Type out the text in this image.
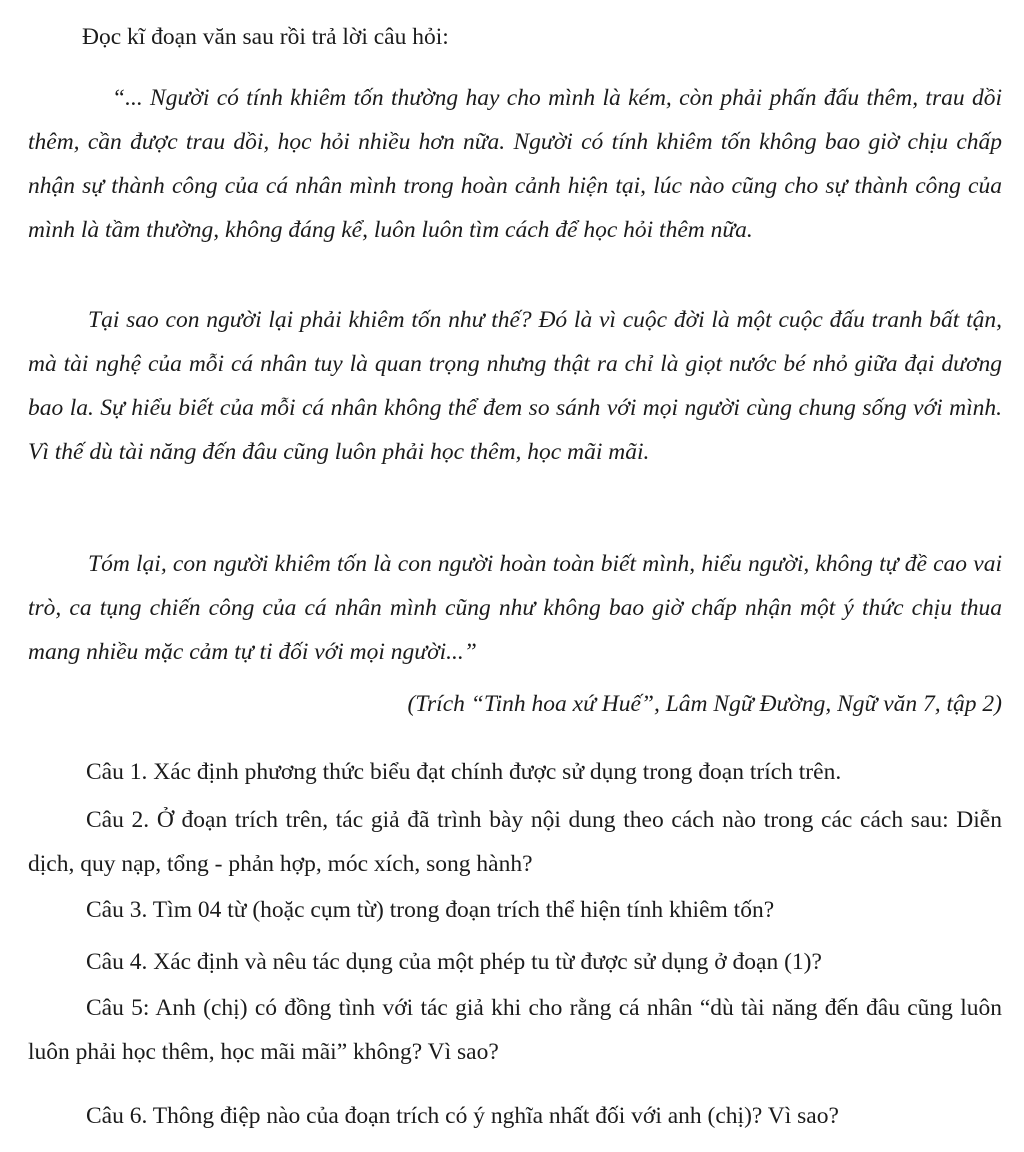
Đọc kĩ đoạn văn sau rồi trả lời câu hỏi:
“... Người có tính khiêm tốn thường hay cho mình là kém, còn phải phấn đấu thêm, trau dồi thêm, cần được trau dồi, học hỏi nhiều hơn nữa. Người có tính khiêm tốn không bao giờ chịu chấp nhận sự thành công của cá nhân mình trong hoàn cảnh hiện tại, lúc nào cũng cho sự thành công của mình là tầm thường, không đáng kể, luôn luôn tìm cách để học hỏi thêm nữa.
Tại sao con người lại phải khiêm tốn như thế? Đó là vì cuộc đời là một cuộc đấu tranh bất tận, mà tài nghệ của mỗi cá nhân tuy là quan trọng nhưng thật ra chỉ là giọt nước bé nhỏ giữa đại dương bao la. Sự hiểu biết của mỗi cá nhân không thể đem so sánh với mọi người cùng chung sống với mình. Vì thế dù tài năng đến đâu cũng luôn phải học thêm, học mãi mãi.
Tóm lại, con người khiêm tốn là con người hoàn toàn biết mình, hiểu người, không tự đề cao vai trò, ca tụng chiến công của cá nhân mình cũng như không bao giờ chấp nhận một ý thức chịu thua mang nhiều mặc cảm tự ti đối với mọi người...”
(Trích “Tinh hoa xứ Huế”, Lâm Ngữ Đường, Ngữ văn 7, tập 2)
Câu 1. Xác định phương thức biểu đạt chính được sử dụng trong đoạn trích trên.
Câu 2. Ở đoạn trích trên, tác giả đã trình bày nội dung theo cách nào trong các cách sau: Diễn dịch, quy nạp, tổng - phản hợp, móc xích, song hành?
Câu 3. Tìm 04 từ (hoặc cụm từ) trong đoạn trích thể hiện tính khiêm tốn?
Câu 4. Xác định và nêu tác dụng của một phép tu từ được sử dụng ở đoạn (1)?
Câu 5: Anh (chị) có đồng tình với tác giả khi cho rằng cá nhân “dù tài năng đến đâu cũng luôn luôn phải học thêm, học mãi mãi” không? Vì sao?
Câu 6. Thông điệp nào của đoạn trích có ý nghĩa nhất đối với anh (chị)? Vì sao?
